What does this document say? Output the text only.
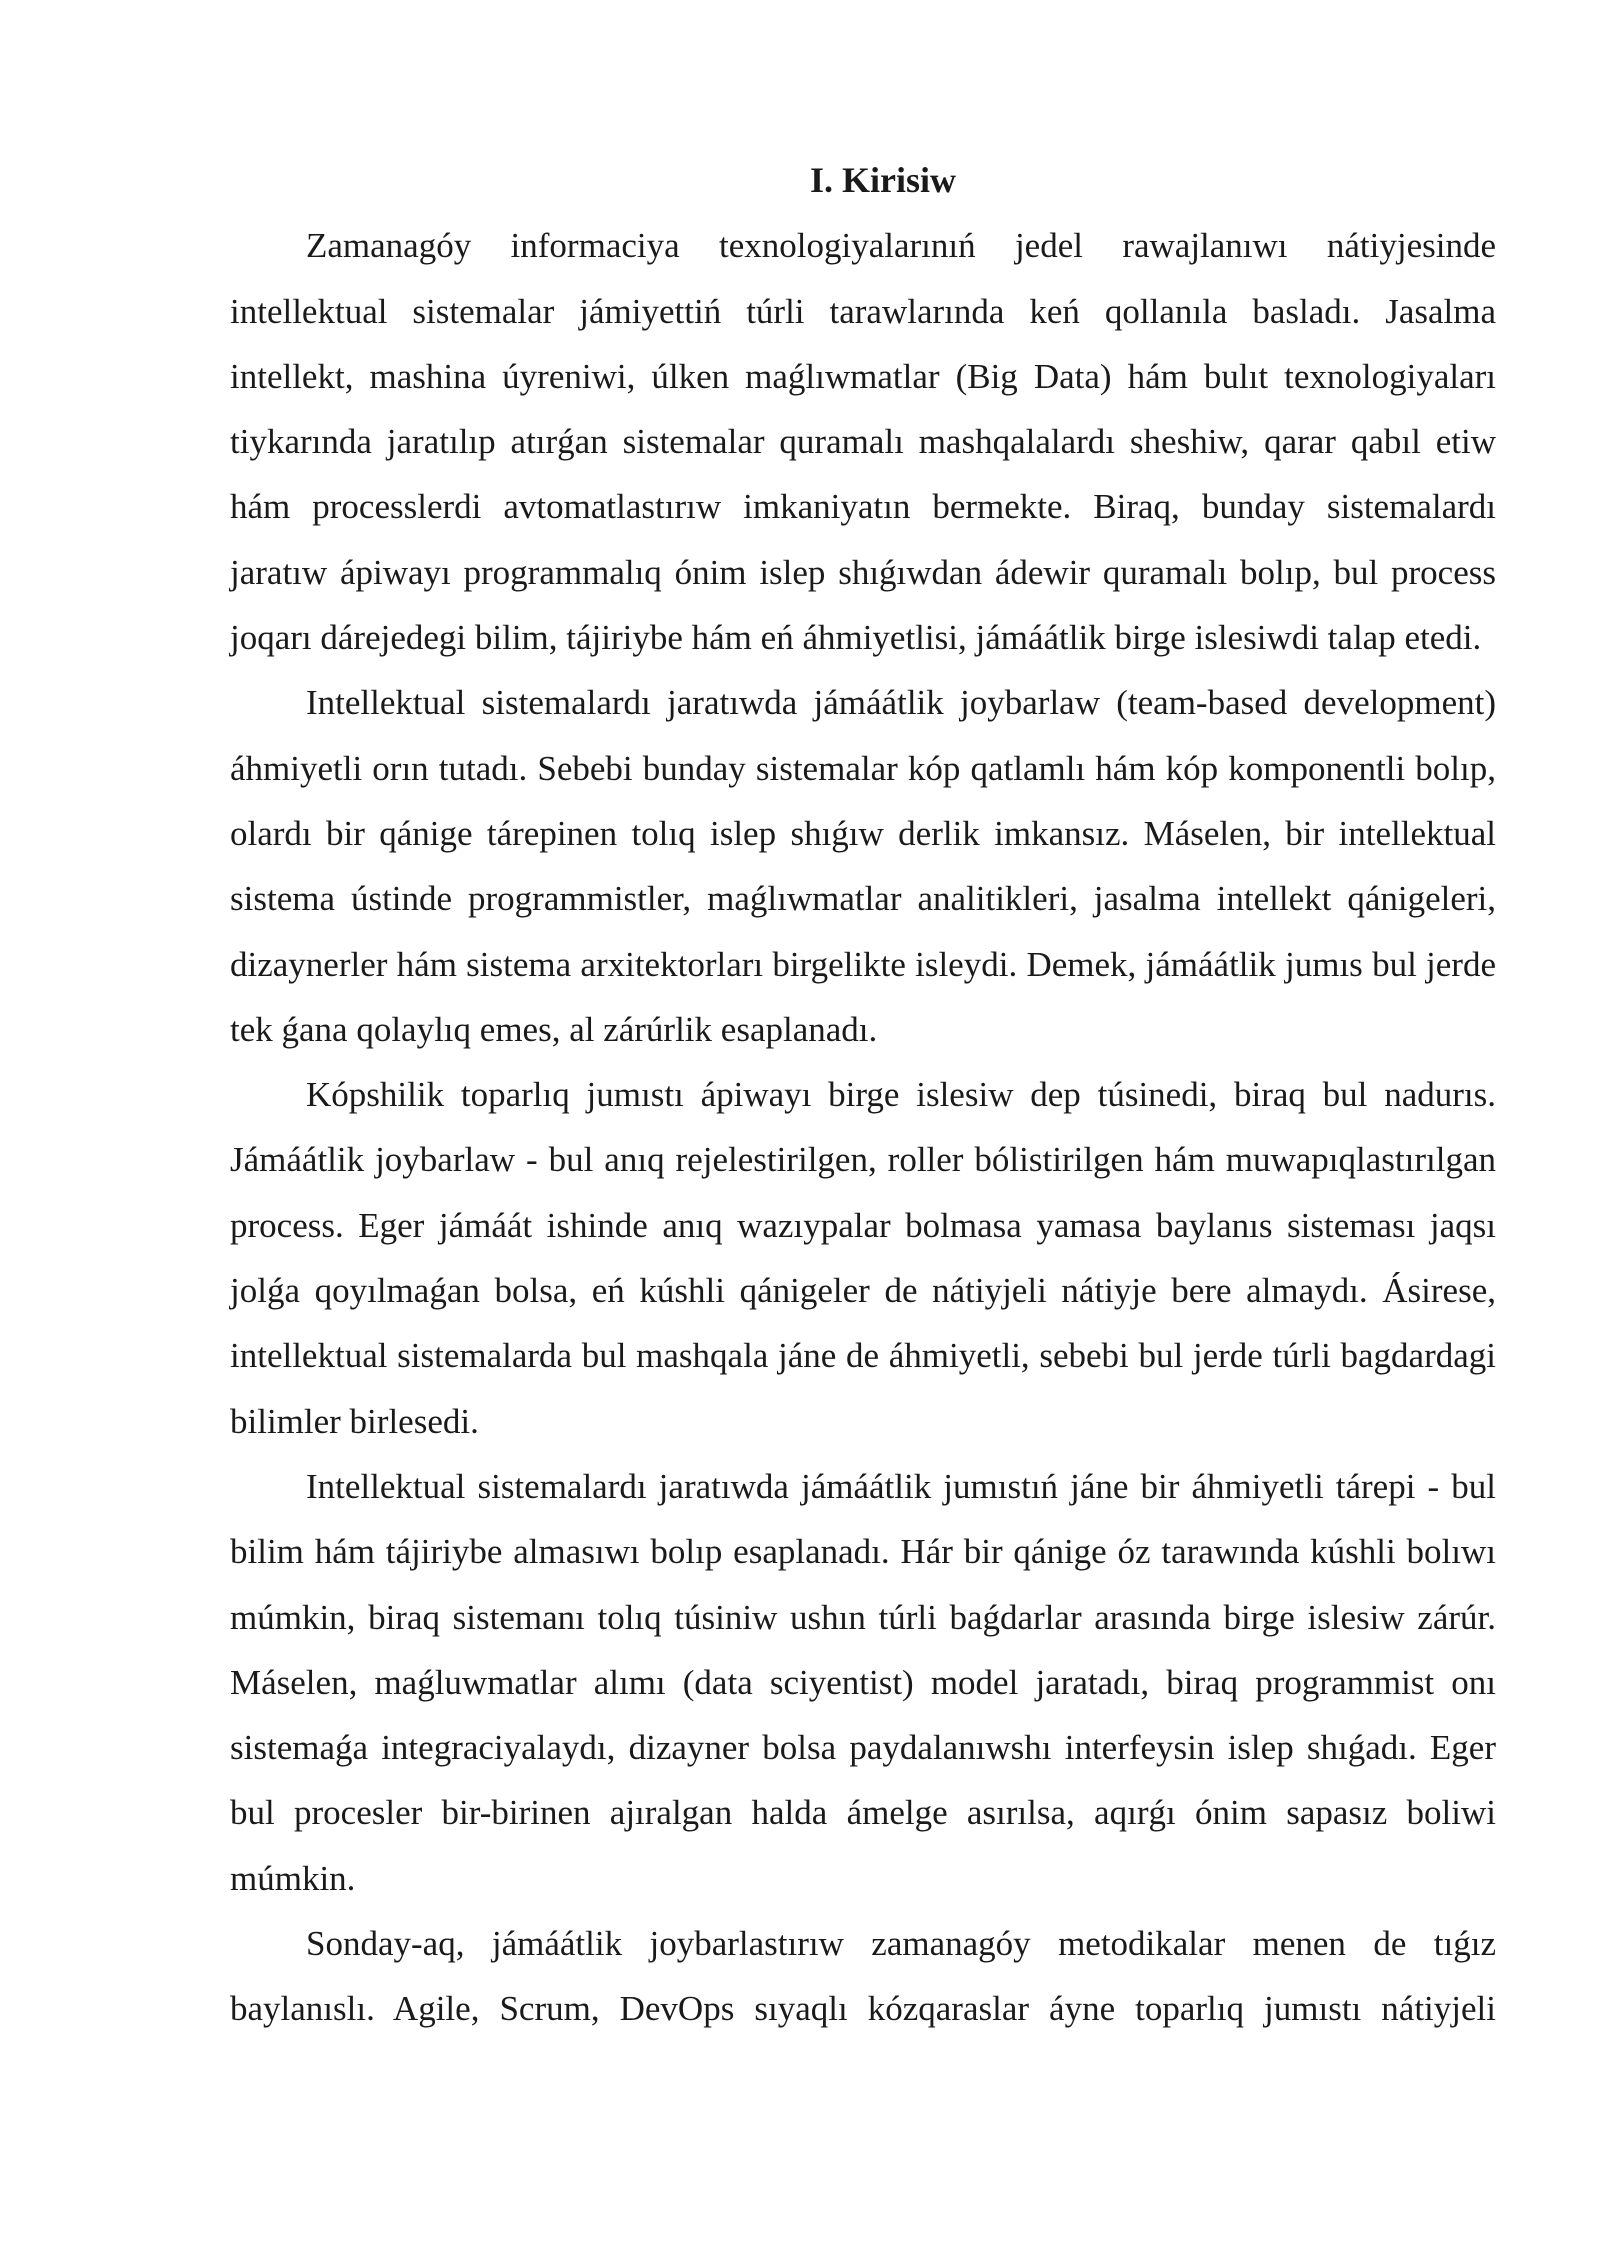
I. Kirisiw

Zamanagóy informaciya texnologiyalarınıń jedel rawajlanıwı nátiyjesinde intellektual sistemalar jámiyettiń túrli tarawlarında keń qollanıla basladı. Jasalma intellekt, mashina úyreniwi, úlken maǵlıwmatlar (Big Data) hám bulıt texnologiyaları tiykarında jaratılıp atırǵan sistemalar quramalı mashqalalardı sheshiw, qarar qabıl etiw hám processlerdi avtomatlastırıw imkaniyatın bermekte. Biraq, bunday sistemalardı jaratıw ápiwayı programmalıq ónim islep shıǵıwdan ádewir quramalı bolıp, bul process joqarı dárejedegi bilim, tájiriybe hám eń áhmiyetlisi, jámáátlik birge islesiwdi talap etedi.

Intellektual sistemalardı jaratıwda jámáátlik joybarlaw (team-based development) áhmiyetli orın tutadı. Sebebi bunday sistemalar kóp qatlamlı hám kóp komponentli bolıp, olardı bir qánige tárepinen tolıq islep shıǵıw derlik imkansız. Máselen, bir intellektual sistema ústinde programmistler, maǵlıwmatlar analitikleri, jasalma intellekt qánigeleri, dizaynerler hám sistema arxitektorları birgelikte isleydi. Demek, jámáátlik jumıs bul jerde tek ǵana qolaylıq emes, al zárúrlik esaplanadı.

Kópshilik toparlıq jumıstı ápiwayı birge islesiw dep túsinedi, biraq bul nadurıs. Jámáátlik joybarlaw - bul anıq rejelestirilgen, roller bólistirilgen hám muwapıqlastırılgan process. Eger jámáát ishinde anıq wazıypalar bolmasa yamasa baylanıs sisteması jaqsı jolǵa qoyılmaǵan bolsa, eń kúshli qánigeler de nátiyjeli nátiyje bere almaydı. Ásirese, intellektual sistemalarda bul mashqala jáne de áhmiyetli, sebebi bul jerde túrli bagdardagi bilimler birlesedi.

Intellektual sistemalardı jaratıwda jámáátlik jumıstıń jáne bir áhmiyetli tárepi - bul bilim hám tájiriybe almasıwı bolıp esaplanadı. Hár bir qánige óz tarawında kúshli bolıwı múmkin, biraq sistemanı tolıq túsiniw ushın túrli baǵdarlar arasında birge islesiw zárúr. Máselen, maǵluwmatlar alımı (data sciyentist) model jaratadı, biraq programmist onı sistemaǵa integraciyalaydı, dizayner bolsa paydalanıwshı interfeysin islep shıǵadı. Eger bul procesler bir-birinen ajıralgan halda ámelge asırılsa, aqırǵı ónim sapasız boliwi múmkin.

Sonday-aq, jámáátlik joybarlastırıw zamanagóy metodikalar menen de tıǵız baylanıslı. Agile, Scrum, DevOps sıyaqlı kózqaraslar áyne toparlıq jumıstı nátiyjeli
